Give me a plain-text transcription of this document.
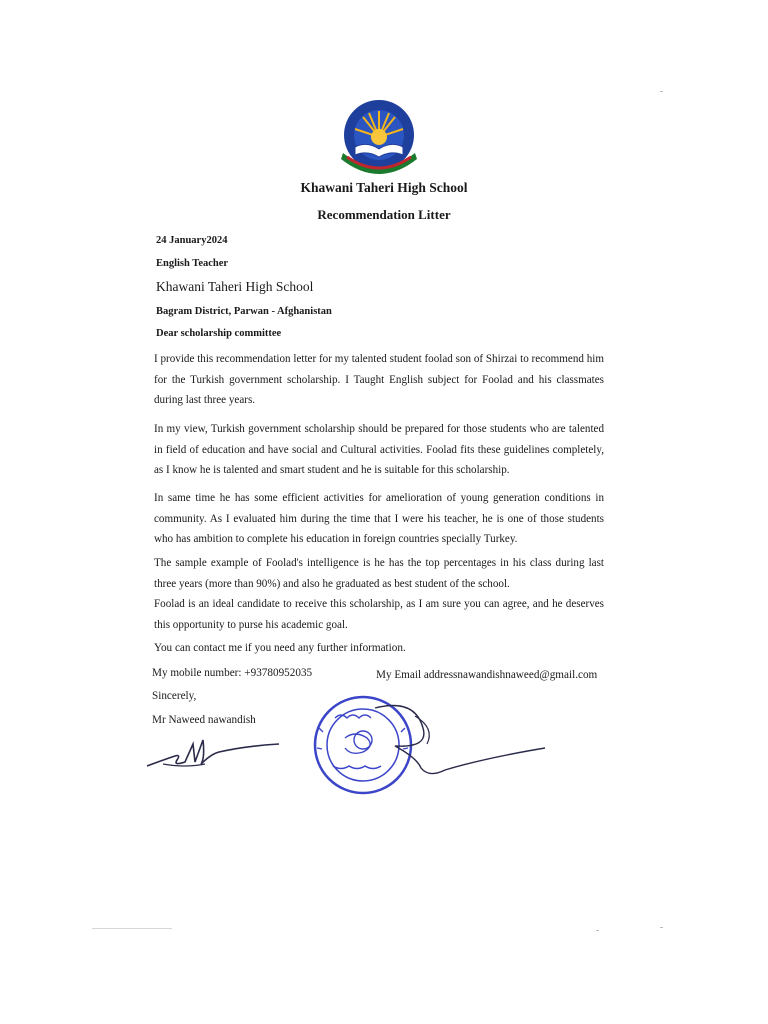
Khawani Taheri High School
Recommendation Litter
24 January2024
English Teacher
Khawani Taheri High School
Bagram District, Parwan - Afghanistan
Dear scholarship committee
I provide this recommendation letter for my talented student foolad son of Shirzai to recommend him for the Turkish government scholarship. I Taught English subject for Foolad and his classmates during last three years.
In my view, Turkish government scholarship should be prepared for those students who are talented in field of education and have social and Cultural activities. Foolad fits these guidelines completely, as I know he is talented and smart student and he is suitable for this scholarship.
In same time he has some efficient activities for amelioration of young generation conditions in community. As I evaluated him during the time that I were his teacher, he is one of those students who has ambition to complete his education in foreign countries specially Turkey.
The sample example of Foolad's intelligence is he has the top percentages in his class during last three years (more than 90%) and also he graduated as best student of the school.
Foolad is an ideal candidate to receive this scholarship, as I am sure you can agree, and he deserves this opportunity to purse his academic goal.
You can contact me if you need any further information.
My mobile number: +93780952035	My Email addressnawandishnaweed@gmail.com
Sincerely,
Mr Naweed nawandish
